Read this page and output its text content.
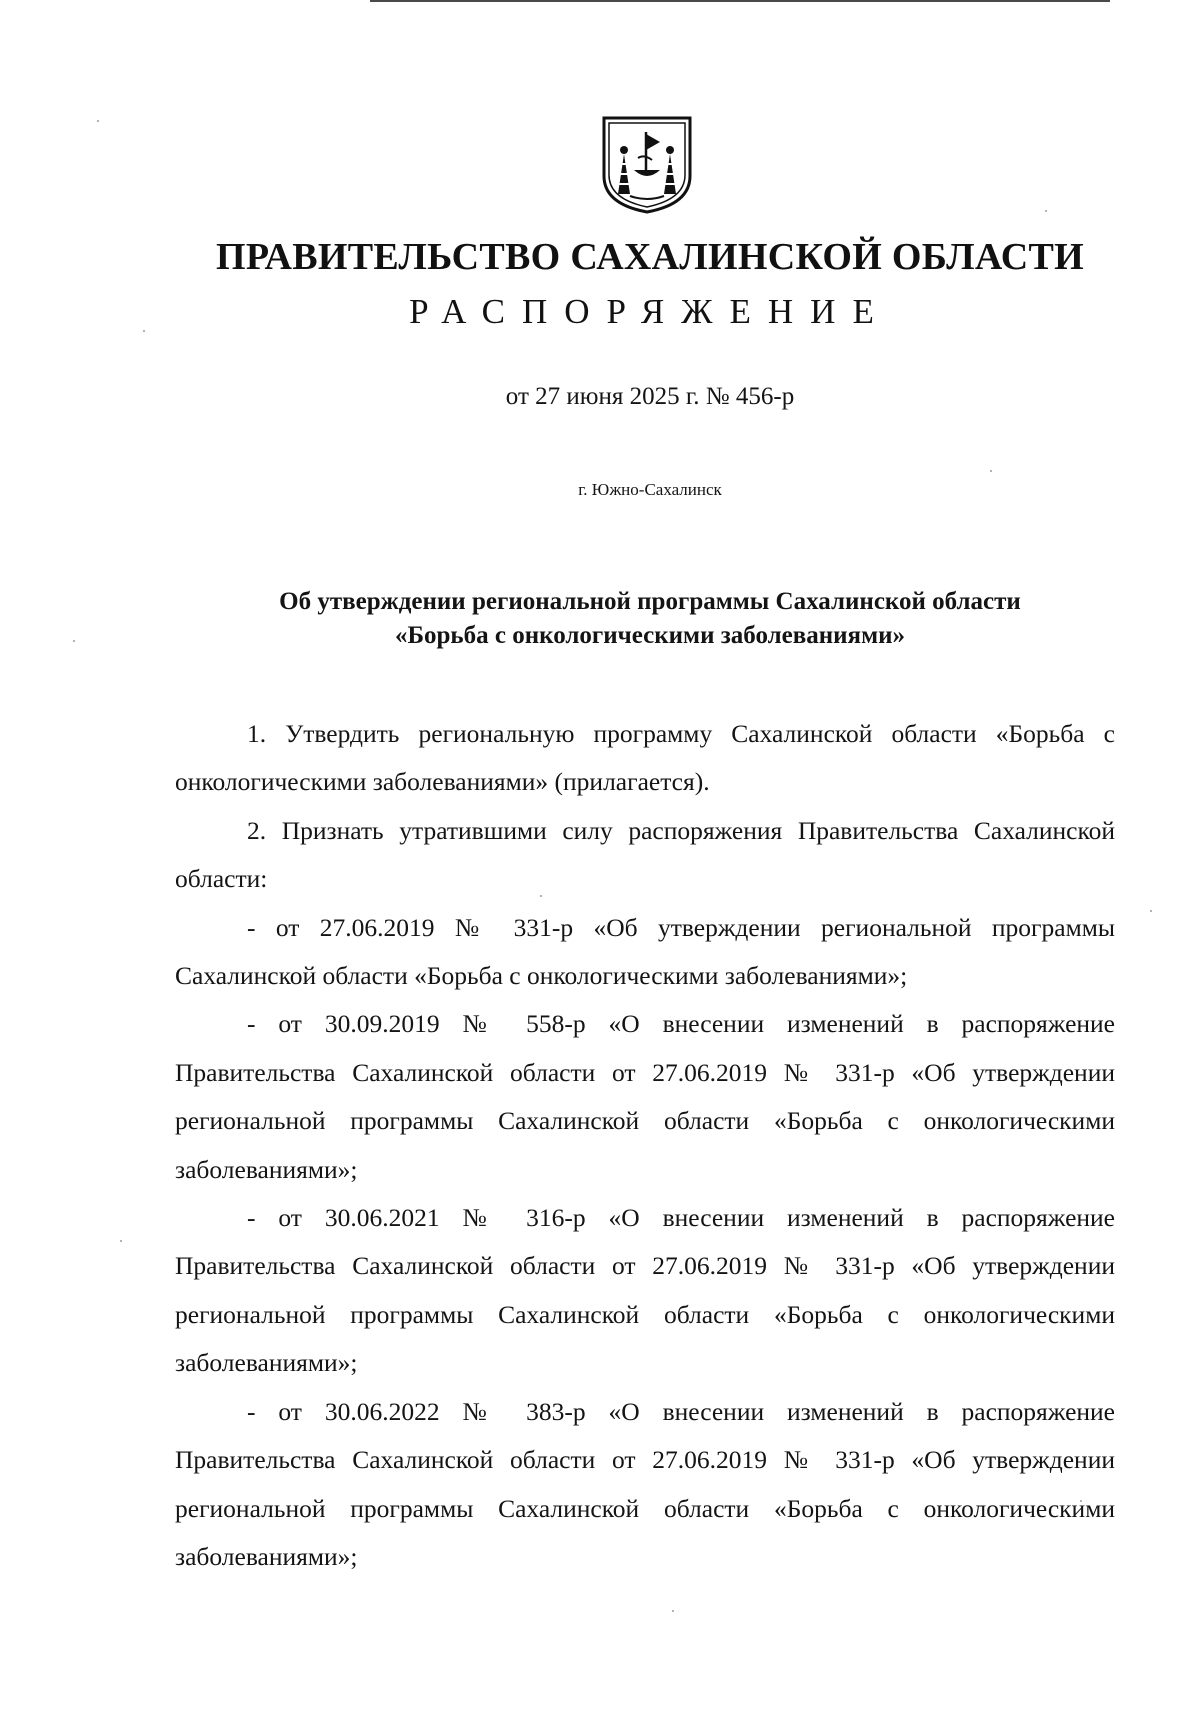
ПРАВИТЕЛЬСТВО САХАЛИНСКОЙ ОБЛАСТИ
РАСПОРЯЖЕНИЕ
от 27 июня 2025 г. № 456-р
г. Южно-Сахалинск
Об утверждении региональной программы Сахалинской области
«Борьба с онкологическими заболеваниями»

1. Утвердить региональную программу Сахалинской области «Борьба с онкологическими заболеваниями» (прилагается).

2. Признать утратившими силу распоряжения Правительства Сахалинской области:

- от 27.06.2019 № 331-р «Об утверждении региональной программы Сахалинской области «Борьба с онкологическими заболеваниями»;

- от 30.09.2019 № 558-р «О внесении изменений в распоряжение Правительства Сахалинской области от 27.06.2019 № 331-р «Об утверждении региональной программы Сахалинской области «Борьба с онкологическими заболеваниями»;

- от 30.06.2021 № 316-р «О внесении изменений в распоряжение Правительства Сахалинской области от 27.06.2019 № 331-р «Об утверждении региональной программы Сахалинской области «Борьба с онкологическими заболеваниями»;

- от 30.06.2022 № 383-р «О внесении изменений в распоряжение Правительства Сахалинской области от 27.06.2019 № 331-р «Об утверждении региональной программы Сахалинской области «Борьба с онкологическими заболеваниями»;
